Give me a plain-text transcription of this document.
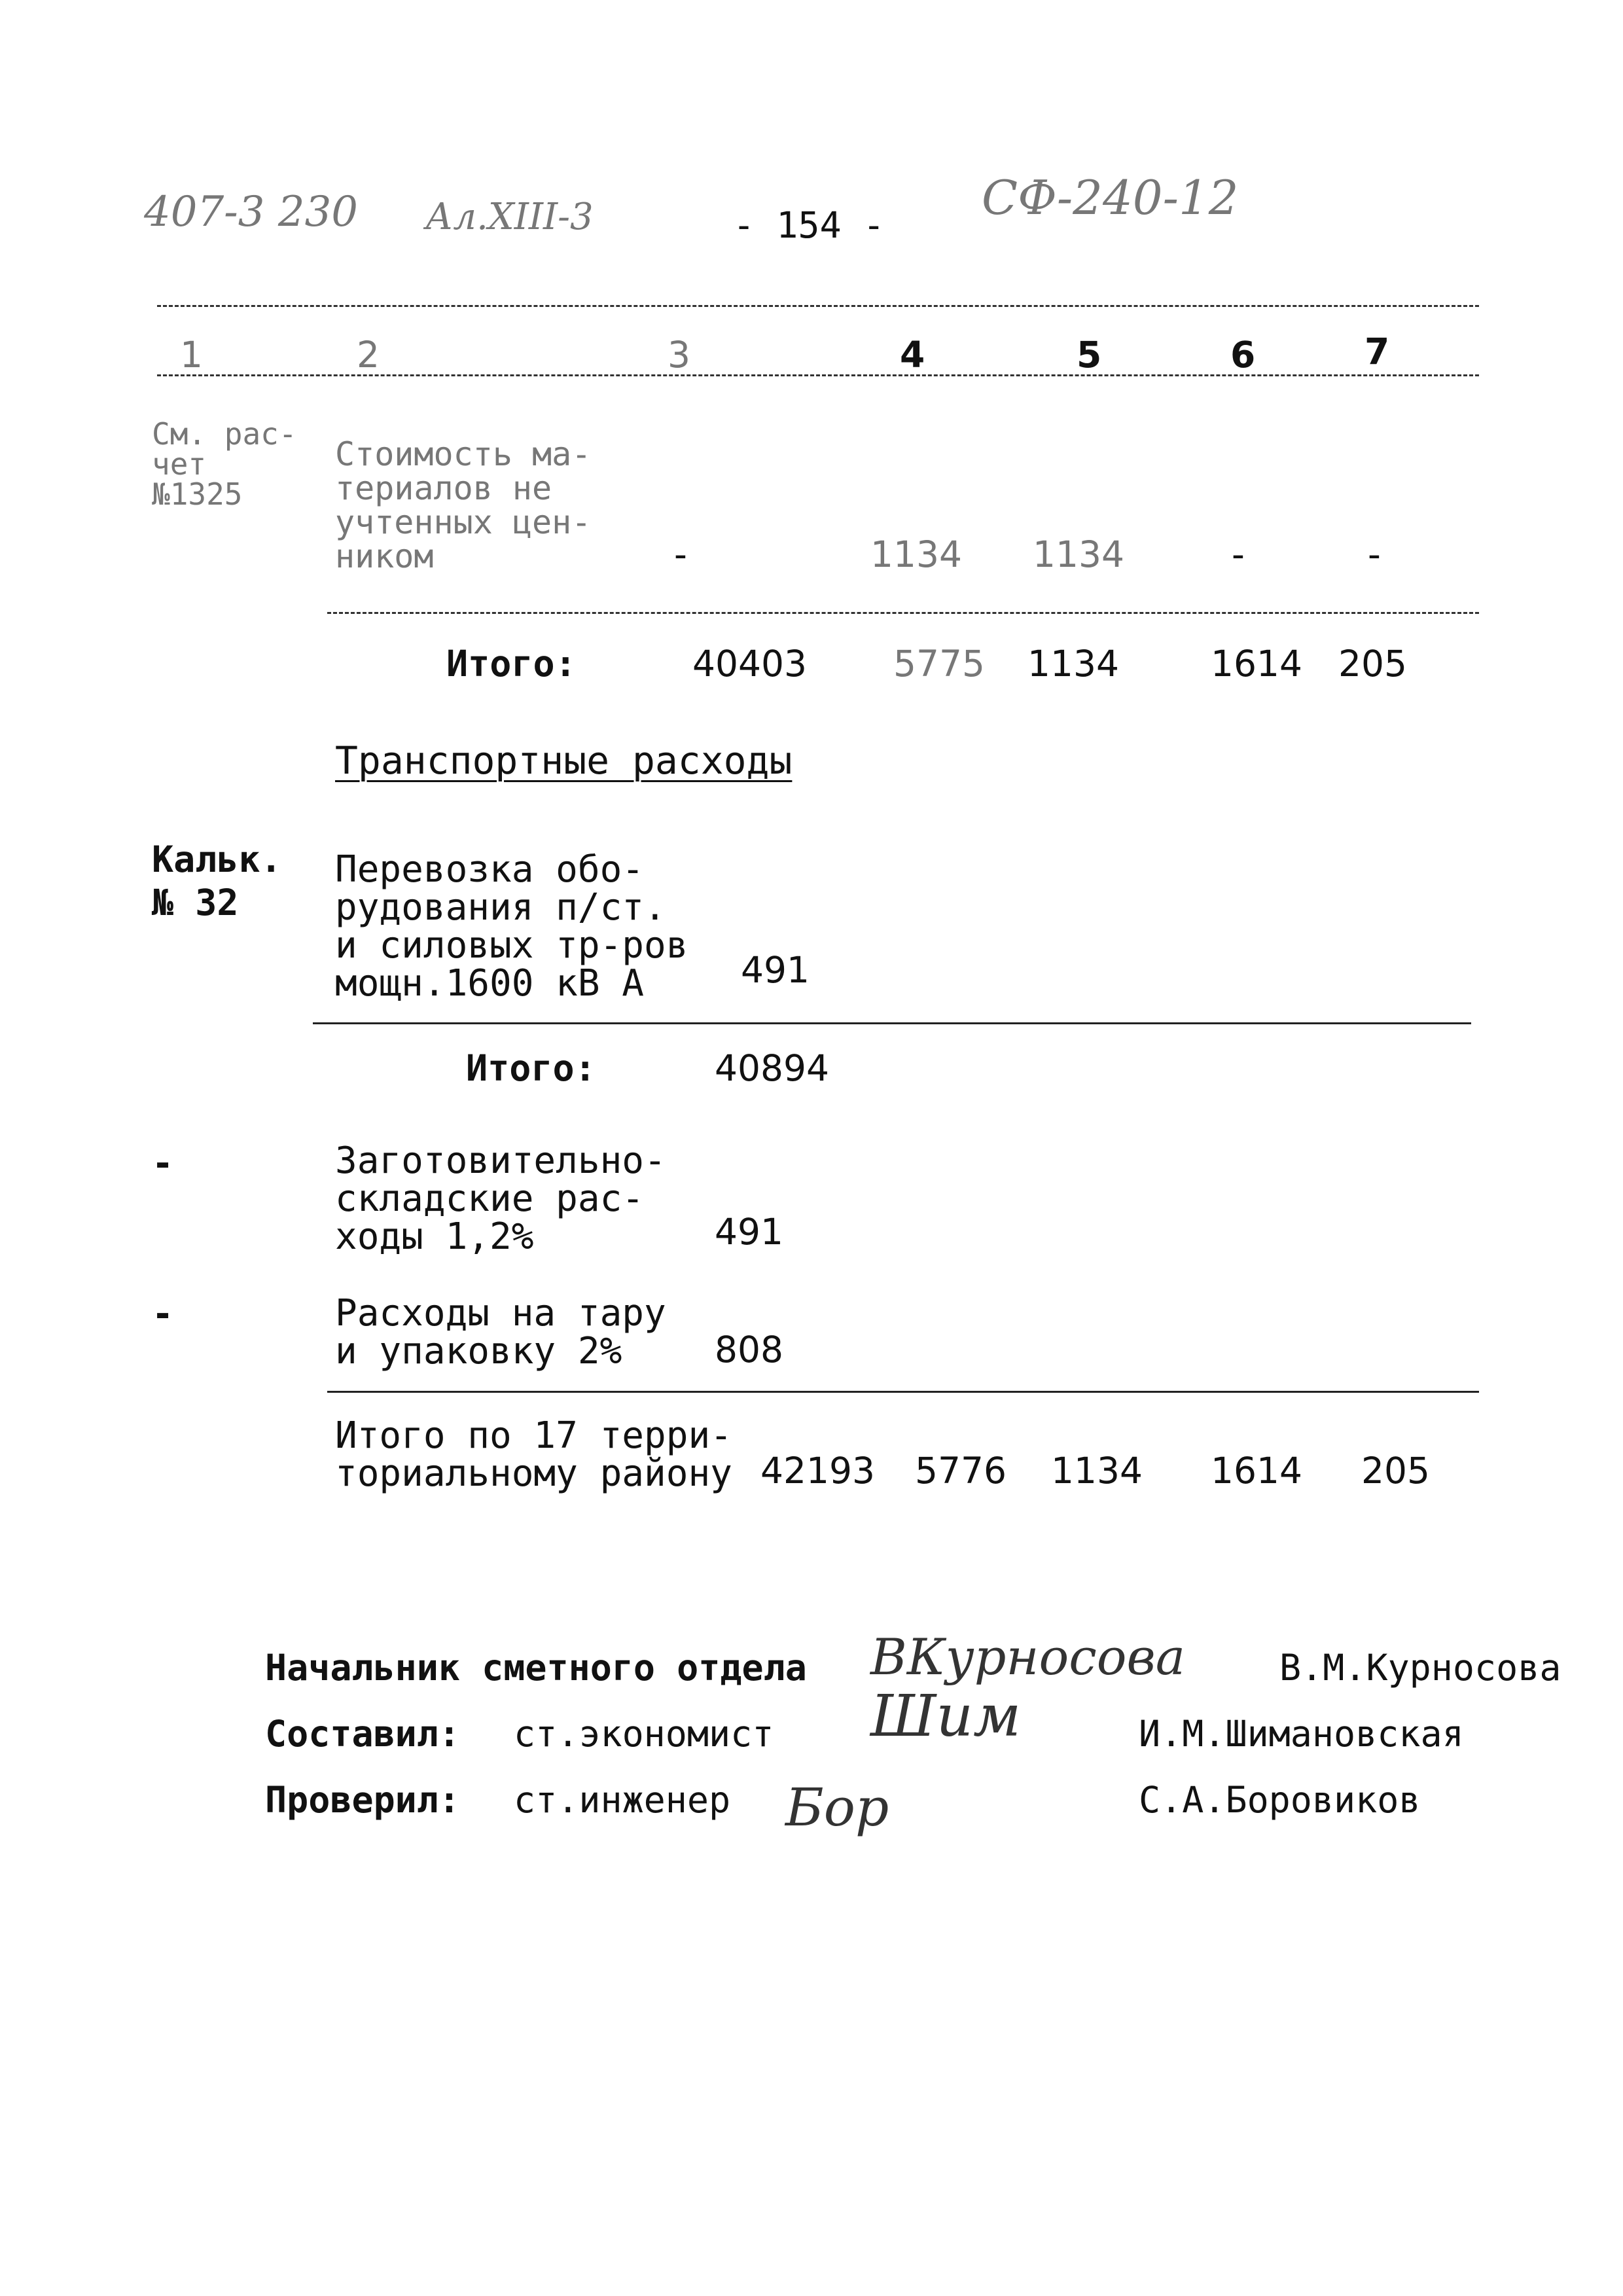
407-3 230 Ал.XIII-3	- 154 - СФ-240-12
1	2	3	4	5	6	7
См. рас-
чет
№1325
Стоимость ма-
териалов не
учтенных цен-
ником	-	1134 1134	-	-
Итого:	40403 5775 1134	1614 205
Транспортные расходы
Кальк.
№ 32
Перевозка обо-
рудования п/ст.
и силовых тр-ров
мощн.1600 кВ А	491
Итого:	40894
-	Заготовительно-
складские рас-
ходы 1,2%	491
-	Расходы на тару
и упаковку 2%	808
Итого по 17 терри-
ториальному району 42193 5776 1134 1614 205
Начальник сметного отдела	В.М.Курносова
ВКурносова
Составил: ст.экономист	И.М.Шимановская
Шим
Проверил: ст.инженер	С.А.Боровиков
Бор
